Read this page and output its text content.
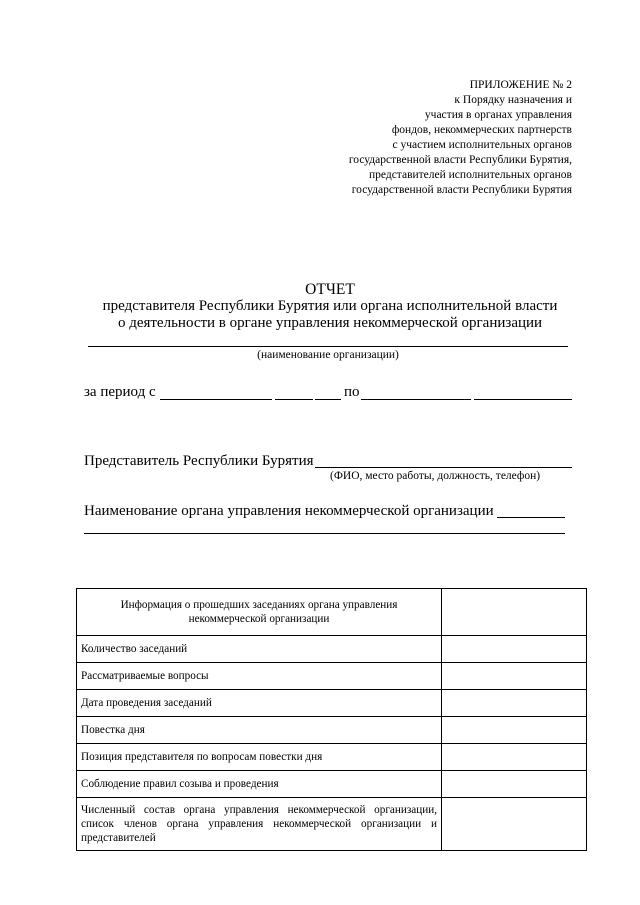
ПРИЛОЖЕНИЕ № 2
к Порядку назначения и
участия в органах управления
фондов, некоммерческих партнерств
с участием исполнительных органов
государственной власти Республики Бурятия,
представителей исполнительных органов
государственной власти Республики Бурятия
ОТЧЕТ
представителя Республики Бурятия или органа исполнительной власти
о деятельности в органе управления некоммерческой организации
(наименование организации)
за период с	по
Представитель Республики Бурятия
(ФИО, место работы, должность, телефон)
Наименование органа управления некоммерческой организации
Информация о прошедших заседаниях органа управления некоммерческой организации	
Количество заседаний	
Рассматриваемые вопросы	
Дата проведения заседаний	
Повестка дня	
Позиция представителя по вопросам повестки дня	
Соблюдение правил созыва и проведения	
Численный состав органа управления некоммерческой организации, список членов органа управления некоммерческой организации и представителей	
